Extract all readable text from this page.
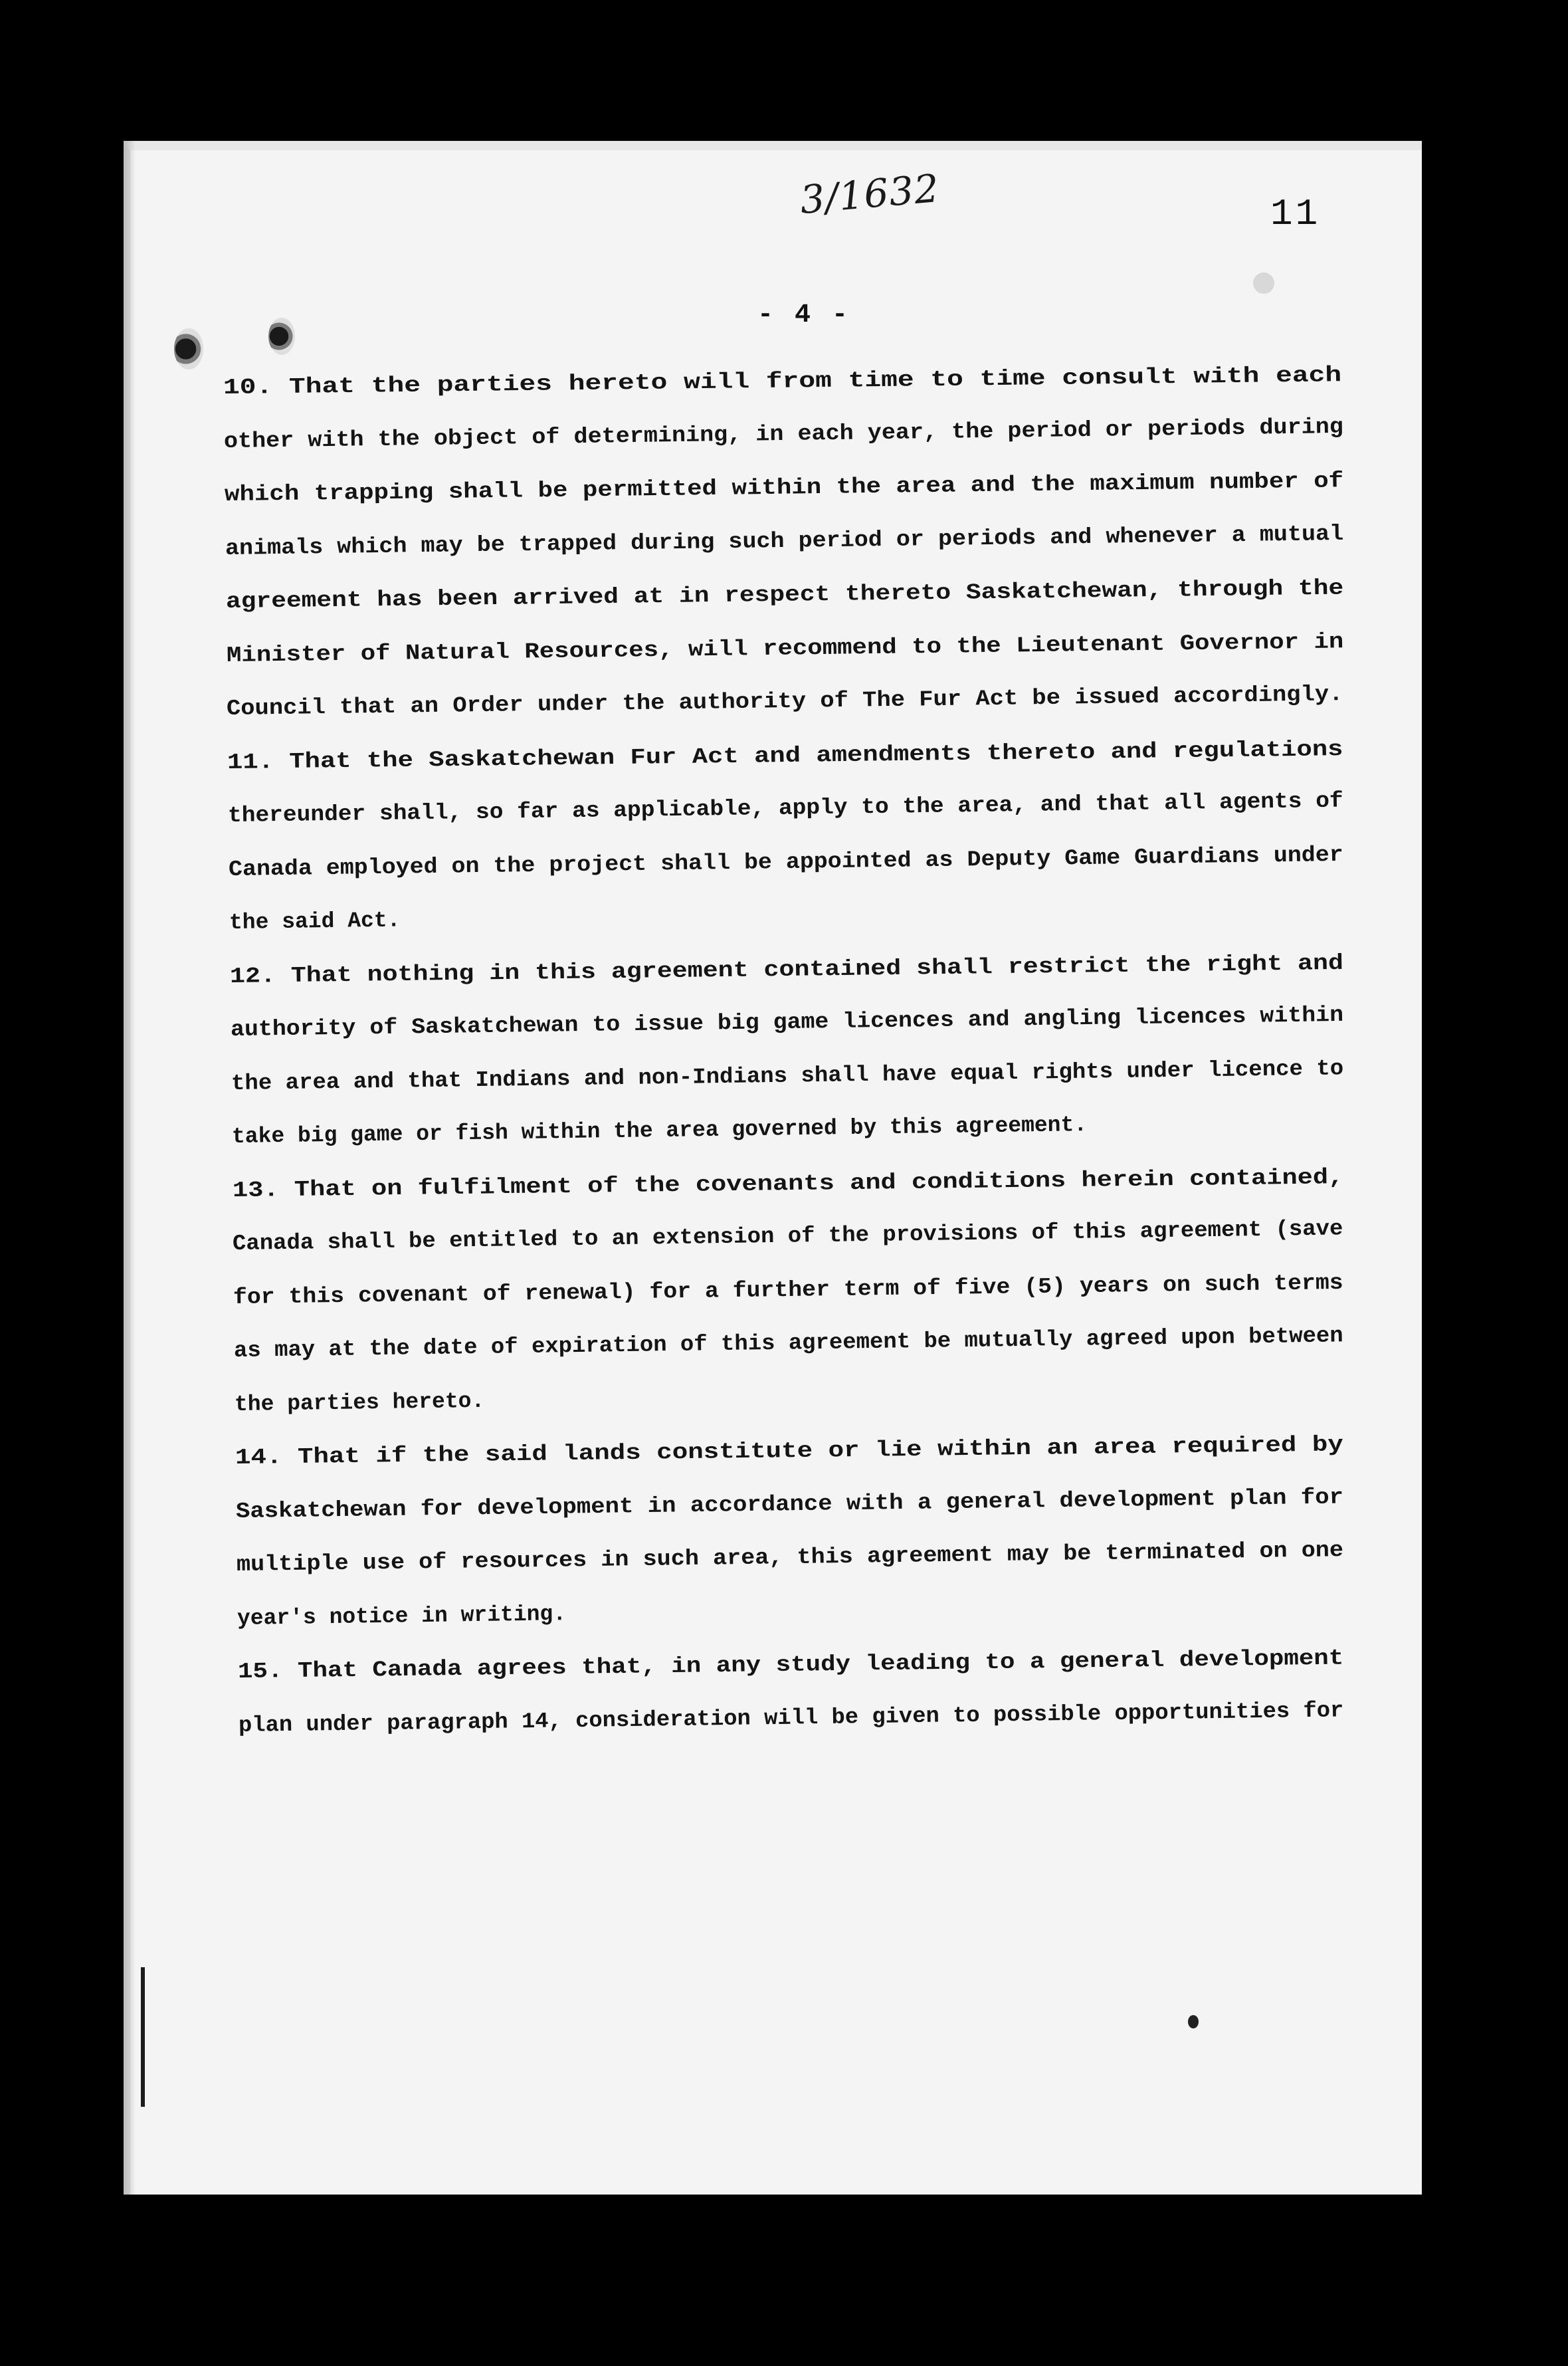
3/1632	11
- 4 -
10. That the parties hereto will from time to time consult with each
other with the object of determining, in each year, the period or periods during
which trapping shall be permitted within the area and the maximum number of
animals which may be trapped during such period or periods and whenever a mutual
agreement has been arrived at in respect thereto Saskatchewan, through the
Minister of Natural Resources, will recommend to the Lieutenant Governor in
Council that an Order under the authority of The Fur Act be issued accordingly.
11. That the Saskatchewan Fur Act and amendments thereto and regulations
thereunder shall, so far as applicable, apply to the area, and that all agents of
Canada employed on the project shall be appointed as Deputy Game Guardians under
the said Act.
12. That nothing in this agreement contained shall restrict the right and
authority of Saskatchewan to issue big game licences and angling licences within
the area and that Indians and non-Indians shall have equal rights under licence to
take big game or fish within the area governed by this agreement.
13. That on fulfilment of the covenants and conditions herein contained,
Canada shall be entitled to an extension of the provisions of this agreement (save
for this covenant of renewal) for a further term of five (5) years on such terms
as may at the date of expiration of this agreement be mutually agreed upon between
the parties hereto.
14. That if the said lands constitute or lie within an area required by
Saskatchewan for development in accordance with a general development plan for
multiple use of resources in such area, this agreement may be terminated on one
year's notice in writing.
15. That Canada agrees that, in any study leading to a general development
plan under paragraph 14, consideration will be given to possible opportunities for
